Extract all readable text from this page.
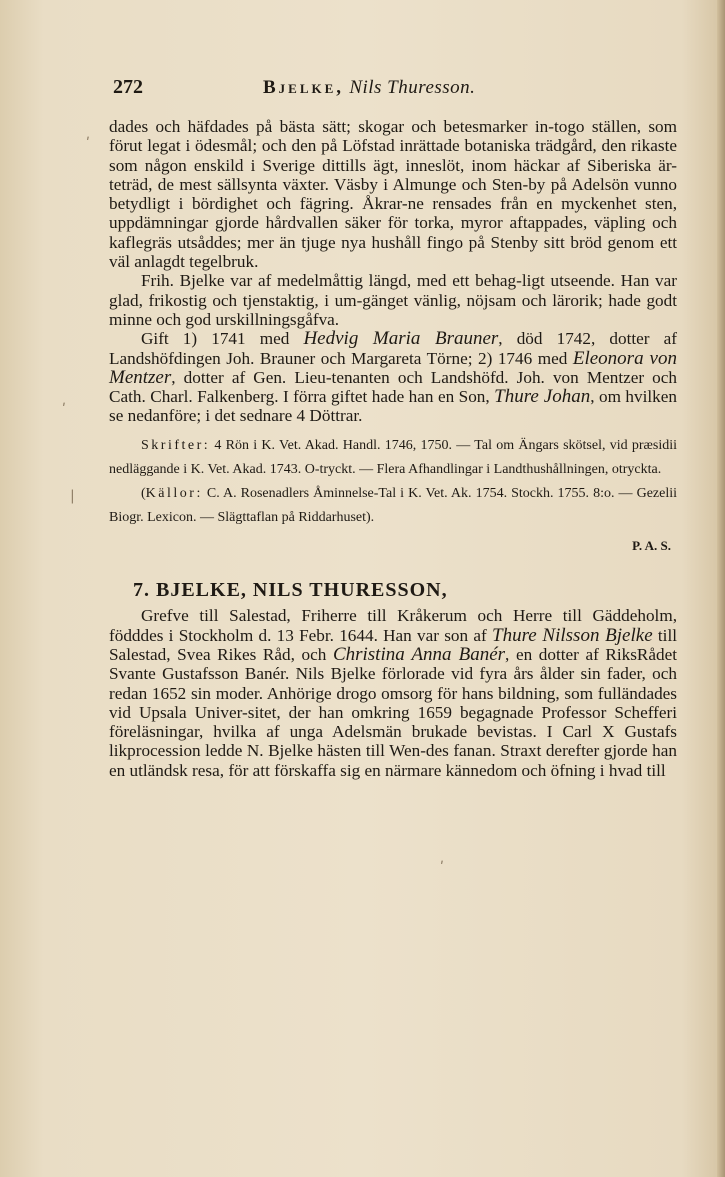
272	Bjelke, Nils Thuresson.
ʹ
ʹ
|
ʹ

dades och häfdades på bästa sätt; skogar och betesmarker in-togo ställen, som förut legat i ödesmål; och den på Löfstad inrättade botaniska trädgård, den rikaste som någon enskild i Sverige dittills ägt, inneslöt, inom häckar af Siberiska är-teträd, de mest sällsynta växter. Väsby i Almunge och Sten-by på Adelsön vunno betydligt i bördighet och fägring. Åkrar-ne rensades från en myckenhet sten, uppdämningar gjorde hårdvallen säker för torka, myror aftappades, väpling och kaflegräs utsåddes; mer än tjuge nya hushåll fingo på Stenby sitt bröd genom ett väl anlagdt tegelbruk.

Frih. Bjelke var af medelmåttig längd, med ett behag-ligt utseende. Han var glad, frikostig och tjenstaktig, i um-gänget vänlig, nöjsam och lärorik; hade godt minne och god urskillningsgåfva.

Gift 1) 1741 med Hedvig Maria Brauner, död 1742, dotter af Landshöfdingen Joh. Brauner och Margareta Törne; 2) 1746 med Eleonora von Mentzer, dotter af Gen. Lieu-tenanten och Landshöfd. Joh. von Mentzer och Cath. Charl. Falkenberg. I förra giftet hade han en Son, Thure Johan, om hvilken se nedanföre; i det sednare 4 Döttrar.

Skrifter: 4 Rön i K. Vet. Akad. Handl. 1746, 1750. — Tal om Ängars skötsel, vid præsidii nedläggande i K. Vet. Akad. 1743. O-tryckt. — Flera Afhandlingar i Landthushållningen, otryckta.

(Källor: C. A. Rosenadlers Åminnelse-Tal i K. Vet. Ak. 1754. Stockh. 1755. 8:o. — Gezelii Biogr. Lexicon. — Slägttaflan på Riddarhuset).

P. A. S.

7. BJELKE, NILS THURESSON,

Grefve till Salestad, Friherre till Kråkerum och Herre till Gäddeholm, födddes i Stockholm d. 13 Febr. 1644. Han var son af Thure Nilsson Bjelke till Salestad, Svea Rikes Råd, och Christina Anna Banér, en dotter af RiksRådet Svante Gustafsson Banér. Nils Bjelke förlorade vid fyra års ålder sin fader, och redan 1652 sin moder. Anhörige drogo omsorg för hans bildning, som fulländades vid Upsala Univer-sitet, der han omkring 1659 begagnade Professor Schefferi föreläsningar, hvilka af unga Adelsmän brukade bevistas. I Carl X Gustafs likprocession ledde N. Bjelke hästen till Wen-des fanan. Straxt derefter gjorde han en utländsk resa, för att förskaffa sig en närmare kännedom och öfning i hvad till
